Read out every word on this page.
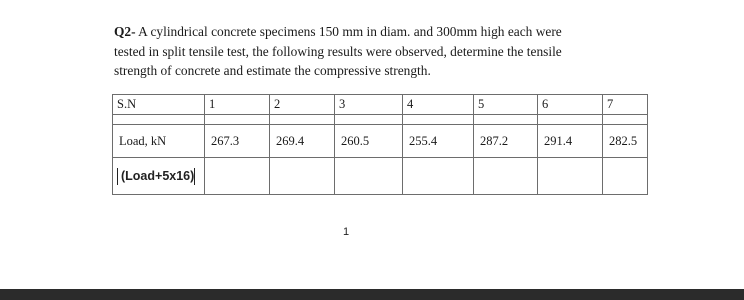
Q2- A cylindrical concrete specimens 150 mm in diam. and 300mm high each were
tested in split tensile test, the following results were observed, determine the tensile
strength of concrete and estimate the compressive strength.
S.N	1	2	3	4	5	6	7

Load, kN	267.3	269.4	260.5	255.4	287.2	291.4	282.5
(Load+5x16)							
1
